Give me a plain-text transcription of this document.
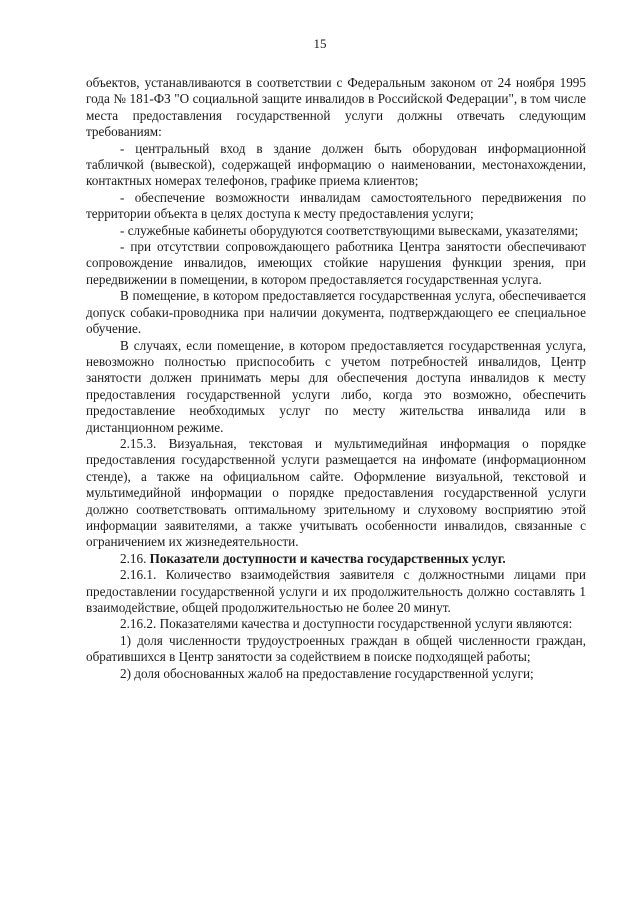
15

объектов, устанавливаются в соответствии с Федеральным законом от 24 ноября 1995 года № 181-ФЗ "О социальной защите инвалидов в Российской Федерации", в том числе места предоставления государственной услуги должны отвечать следующим требованиям:

- центральный вход в здание должен быть оборудован информационной табличкой (вывеской), содержащей информацию о наименовании, местонахождении, контактных номерах телефонов, графике приема клиентов;

- обеспечение возможности инвалидам самостоятельного передвижения по территории объекта в целях доступа к месту предоставления услуги;

- служебные кабинеты оборудуются соответствующими вывесками, указателями;

- при отсутствии сопровождающего работника Центра занятости обеспечивают сопровождение инвалидов, имеющих стойкие нарушения функции зрения, при передвижении в помещении, в котором предоставляется государственная услуга.

В помещение, в котором предоставляется государственная услуга, обеспечивается допуск собаки-проводника при наличии документа, подтверждающего ее специальное обучение.

В случаях, если помещение, в котором предоставляется государственная услуга, невозможно полностью приспособить с учетом потребностей инвалидов, Центр занятости должен принимать меры для обеспечения доступа инвалидов к месту предоставления государственной услуги либо, когда это возможно, обеспечить предоставление необходимых услуг по месту жительства инвалида или в дистанционном режиме.

2.15.3. Визуальная, текстовая и мультимедийная информация о порядке предоставления государственной услуги размещается на инфомате (информационном стенде), а также на официальном сайте. Оформление визуальной, текстовой и мультимедийной информации о порядке предоставления государственной услуги должно соответствовать оптимальному зрительному и слуховому восприятию этой информации заявителями, а также учитывать особенности инвалидов, связанные с ограничением их жизнедеятельности.

2.16. Показатели доступности и качества государственных услуг.

2.16.1. Количество взаимодействия заявителя с должностными лицами при предоставлении государственной услуги и их продолжительность должно составлять 1 взаимодействие, общей продолжительностью не более 20 минут.

2.16.2. Показателями качества и доступности государственной услуги являются:

1) доля численности трудоустроенных граждан в общей численности граждан, обратившихся в Центр занятости за содействием в поиске подходящей работы;

2) доля обоснованных жалоб на предоставление государственной услуги;
